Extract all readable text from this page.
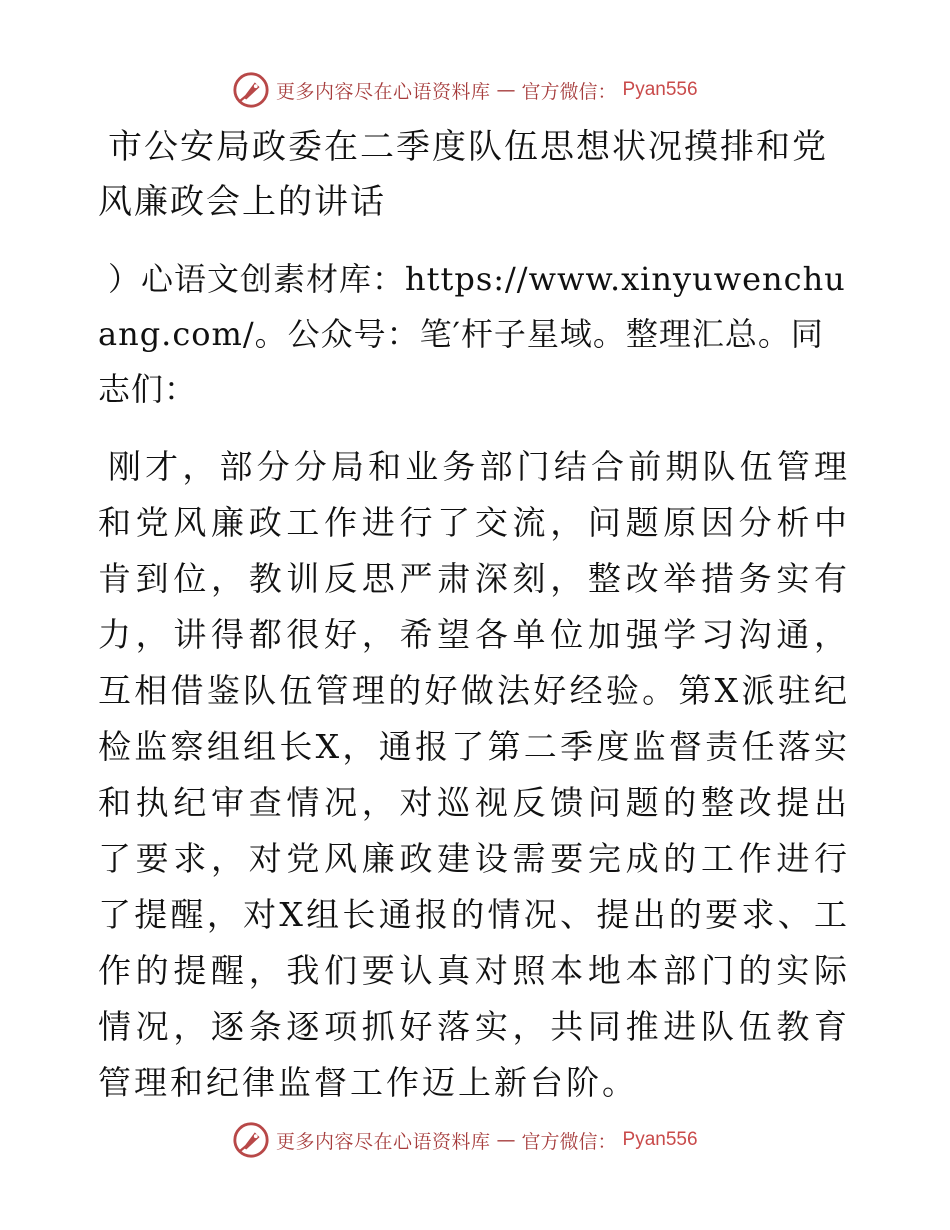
更多内容尽在心语资料库 — 官方微信： Pyan556
市公安局政委在二季度队伍思想状况摸排和党风廉政会上的讲话

）心语文创素材库：https://www.xinyuwenchuang.com/。公众号：笔′杆子星域。整理汇总。同志们：

刚才，部分分局和业务部门结合前期队伍管理和党风廉政工作进行了交流，问题原因分析中肯到位，教训反思严肃深刻，整改举措务实有力，讲得都很好，希望各单位加强学习沟通，互相借鉴队伍管理的好做法好经验。第X派驻纪检监察组组长X，通报了第二季度监督责任落实和执纪审查情况，对巡视反馈问题的整改提出了要求，对党风廉政建设需要完成的工作进行了提醒，对X组长通报的情况、提出的要求、工作的提醒，我们要认真对照本地本部门的实际情况，逐条逐项抓好落实，共同推进队伍教育管理和纪律监督工作迈上新台阶。

更多内容尽在心语资料库 — 官方微信： Pyan556
